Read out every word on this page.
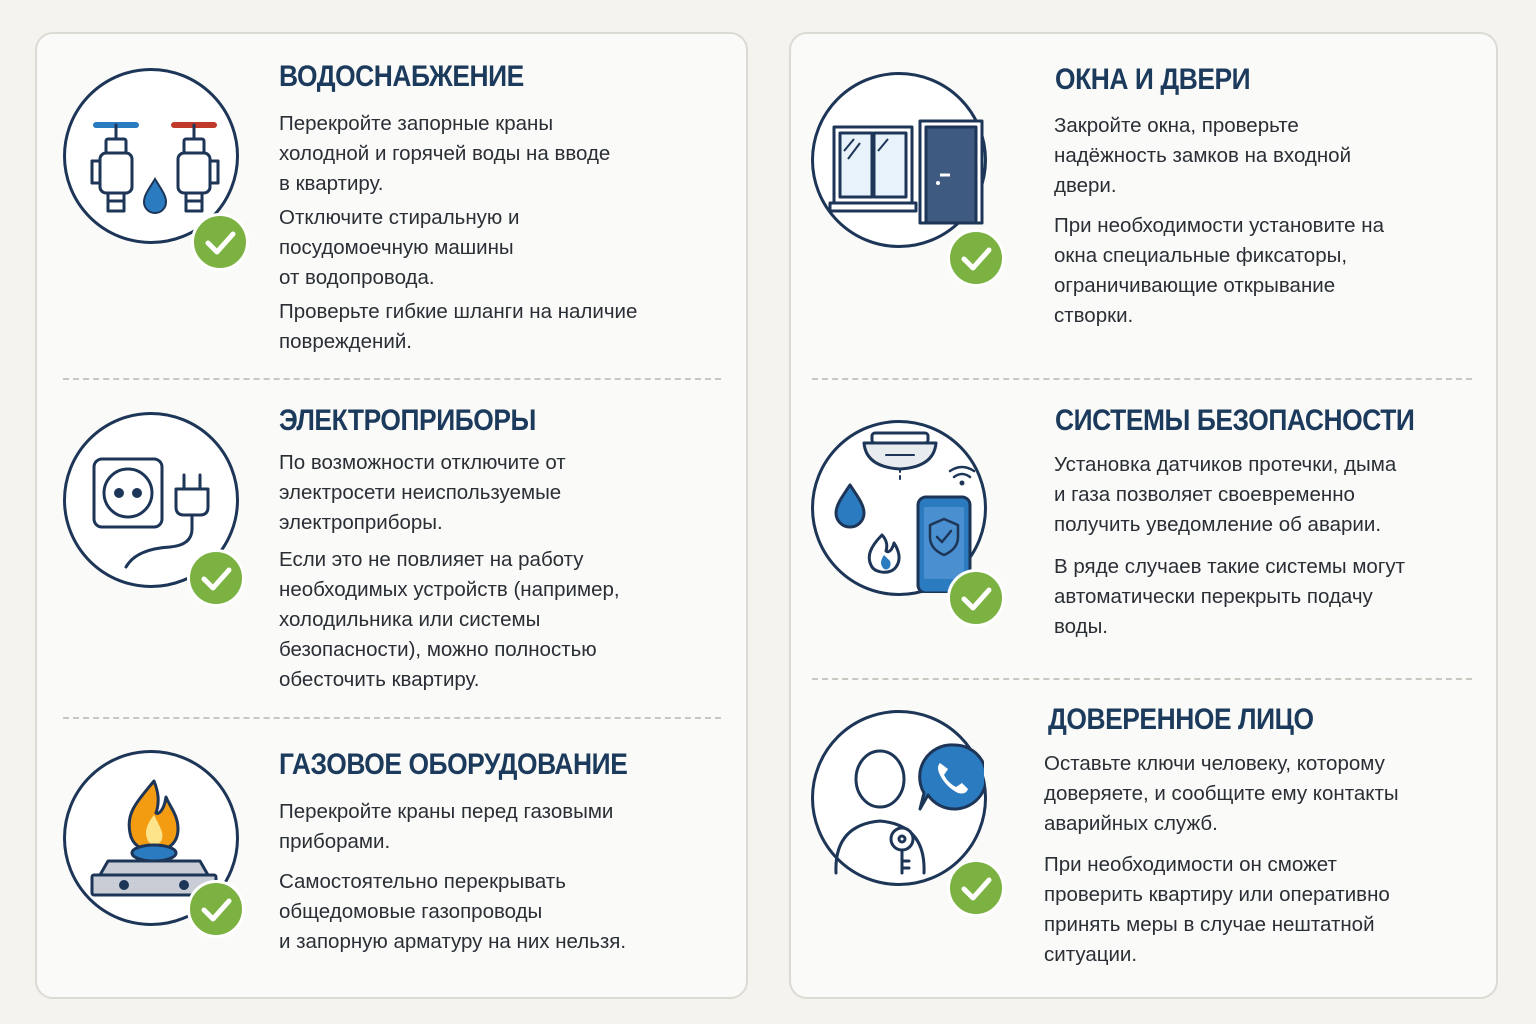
ВОДОСНАБЖЕНИЕ

Перекройте запорные краны
холодной и горячей воды на вводе
в квартиру.

Отключите стиральную и
посудомоечную машины
от водопровода.

Проверьте гибкие шланги на наличие
повреждений.

ЭЛЕКТРОПРИБОРЫ

По возможности отключите от
электросети неиспользуемые
электроприборы.

Если это не повлияет на работу
необходимых устройств (например,
холодильника или системы
безопасности), можно полностью
обесточить квартиру.

ГАЗОВОЕ ОБОРУДОВАНИЕ

Перекройте краны перед газовыми
приборами.

Самостоятельно перекрывать
общедомовые газопроводы
и запорную арматуру на них нельзя.

ОКНА И ДВЕРИ

Закройте окна, проверьте
надёжность замков на входной
двери.

При необходимости установите на
окна специальные фиксаторы,
ограничивающие открывание
створки.

СИСТЕМЫ БЕЗОПАСНОСТИ

Установка датчиков протечки, дыма
и газа позволяет своевременно
получить уведомление об аварии.

В ряде случаев такие системы могут
автоматически перекрыть подачу
воды.

ДОВЕРЕННОЕ ЛИЦО

Оставьте ключи человеку, которому
доверяете, и сообщите ему контакты
аварийных служб.

При необходимости он сможет
проверить квартиру или оперативно
принять меры в случае нештатной
ситуации.
